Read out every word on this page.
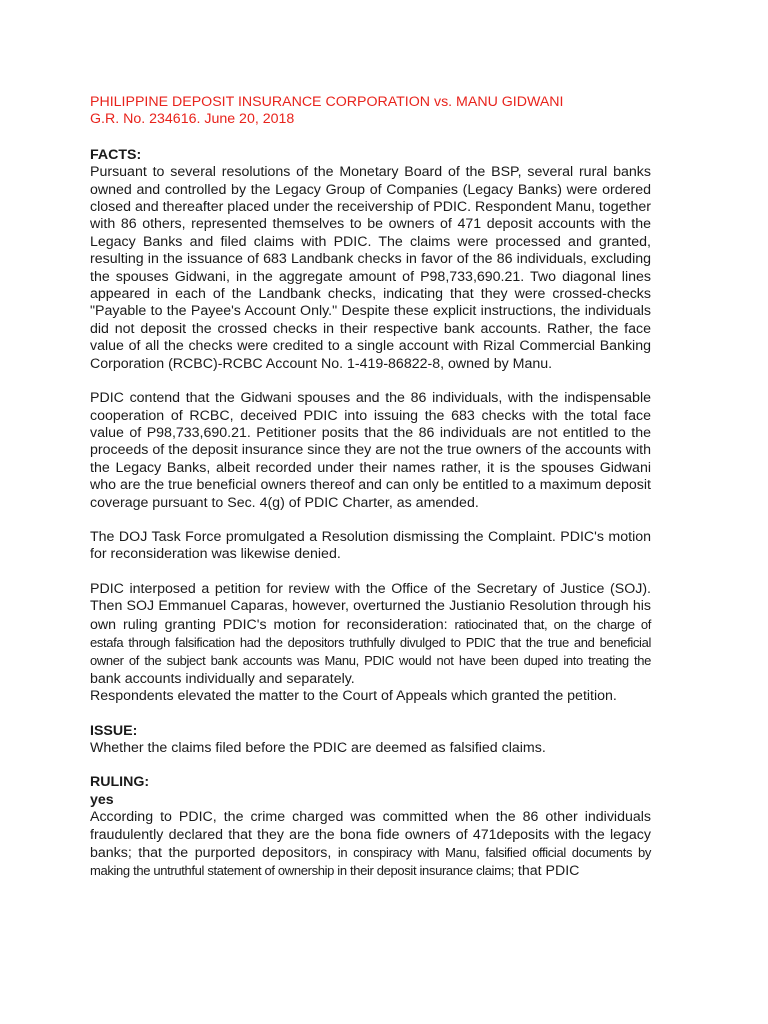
PHILIPPINE DEPOSIT INSURANCE CORPORATION vs. MANU GIDWANI
G.R. No. 234616. June 20, 2018
FACTS:

Pursuant to several resolutions of the Monetary Board of the BSP, several rural banks owned and controlled by the Legacy Group of Companies (Legacy Banks) were ordered closed and thereafter placed under the receivership of PDIC. Respondent Manu, together with 86 others, represented themselves to be owners of 471 deposit accounts with the Legacy Banks and filed claims with PDIC. The claims were processed and granted, resulting in the issuance of 683 Landbank checks in favor of the 86 individuals, excluding the spouses Gidwani, in the aggregate amount of P98,733,690.21. Two diagonal lines appeared in each of the Landbank checks, indicating that they were crossed-checks "Payable to the Payee's Account Only." Despite these explicit instructions, the individuals did not deposit the crossed checks in their respective bank accounts. Rather, the face value of all the checks were credited to a single account with Rizal Commercial Banking Corporation (RCBC)-RCBC Account No. 1-419-86822-8, owned by Manu.

PDIC contend that the Gidwani spouses and the 86 individuals, with the indispensable cooperation of RCBC, deceived PDIC into issuing the 683 checks with the total face value of P98,733,690.21. Petitioner posits that the 86 individuals are not entitled to the proceeds of the deposit insurance since they are not the true owners of the accounts with the Legacy Banks, albeit recorded under their names rather, it is the spouses Gidwani who are the true beneficial owners thereof and can only be entitled to a maximum deposit coverage pursuant to Sec. 4(g) of PDIC Charter, as amended.

The DOJ Task Force promulgated a Resolution dismissing the Complaint. PDIC's motion for reconsideration was likewise denied.

PDIC interposed a petition for review with the Office of the Secretary of Justice (SOJ). Then SOJ Emmanuel Caparas, however, overturned the Justianio Resolution through his own ruling granting PDIC's motion for reconsideration: ratiocinated that, on the charge of estafa through falsification had the depositors truthfully divulged to PDIC that the true and beneficial owner of the subject bank accounts was Manu, PDIC would not have been duped into treating the bank accounts individually and separately.

Respondents elevated the matter to the Court of Appeals which granted the petition.

ISSUE:

Whether the claims filed before the PDIC are deemed as falsified claims.

RULING:
yes

According to PDIC, the crime charged was committed when the 86 other individuals fraudulently declared that they are the bona fide owners of 471deposits with the legacy banks; that the purported depositors, in conspiracy with Manu, falsified official documents by making the untruthful statement of ownership in their deposit insurance claims; that PDIC
